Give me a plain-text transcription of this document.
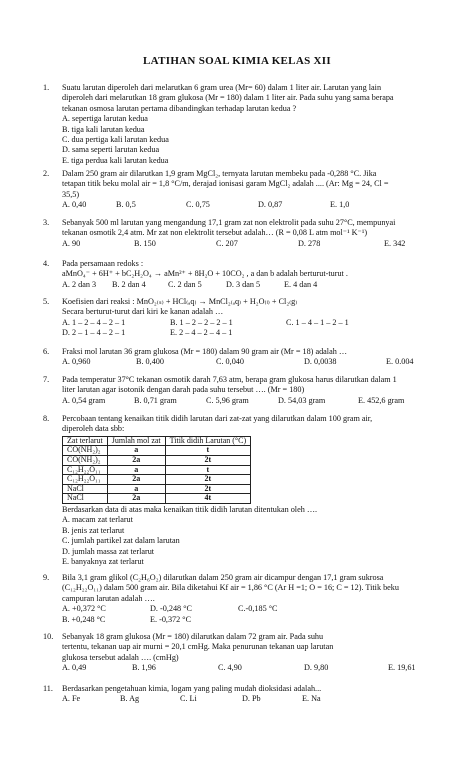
LATIHAN SOAL KIMIA KELAS XII
1. Suatu larutan diperoleh dari melarutkan 6 gram urea (Mr= 60) dalam 1 liter air. Larutan yang lain
diperoleh dari melarutkan 18 gram glukosa (Mr = 180) dalam 1 liter air. Pada suhu yang sama berapa
tekanan osmosa larutan pertama dibandingkan terhadap larutan kedua ?
A. sepertiga larutan kedua
B. tiga kali larutan kedua
C. dua pertiga kali larutan kedua
D. sama seperti larutan kedua
E. tiga perdua kali larutan kedua
2. Dalam 250 gram air dilarutkan 1,9 gram MgCl₂, ternyata larutan membeku pada -0,288 °C. Jika
tetapan titik beku molal air = 1,8 °C/m, derajad ionisasi garam MgCl₂ adalah .... (Ar: Mg = 24, Cl =
35,5)
A. 0,40	B. 0,5	C. 0,75	D. 0,87	E. 1,0
3. Sebanyak 500 ml larutan yang mengandung 17,1 gram zat non elektrolit pada suhu 27°C, mempunyai
tekanan osmotik 2,4 atm. Mr zat non elektrolit tersebut adalah… (R = 0,08 L atm mol⁻¹ K⁻¹)
A. 90	B. 150	C. 207	D. 278	E. 342
4. Pada persamaan redoks :
aMnO₄⁻ + 6H⁺ + bC₂H₂O₄ → aMn²⁺ + 8H₂O + 10CO₂ , a dan b adalah berturut-turut .
A. 2 dan 3	B. 2 dan 4	C. 2 dan 5	D. 3 dan 5	E. 4 dan 4
5. Koefisien dari reaksi : MnO₂₍ₛ₎ + HCl₍ₐq₎ → MnCl₂₍ₐq₎ + H₂O₍ₗ₎ + Cl₂₍g₎
Secara berturut-turut dari kiri ke kanan adalah …
A. 1 – 2 – 4 – 2 – 1	B. 1 – 2 – 2 – 2 – 1	C. 1 – 4 – 1 – 2 – 1
D. 2 – 1 – 4 – 2 – 1	E. 2 – 4 – 2 – 4 – 1
6. Fraksi mol larutan 36 gram glukosa (Mr = 180) dalam 90 gram air (Mr = 18) adalah …
A. 0,960	B. 0,400	C. 0,040	D. 0,0038	E. 0.004
7. Pada temperatur 37°C tekanan osmotik darah 7,63 atm, berapa gram glukosa harus dilarutkan dalam 1
liter larutan agar isotonik dengan darah pada suhu tersebut …. (Mr = 180)
A. 0,54 gram	B. 0,71 gram	C. 5,96 gram	D. 54,03 gram	E. 452,6 gram
8. Percobaan tentang kenaikan titik didih larutan dari zat-zat yang dilarutkan dalam 100 gram air,
diperoleh data sbb:
Zat terlarut	Jumlah mol zat	Titik didih Larutan (°C)
CO(NH₂)₂	a	t
CO(NH₂)₂	2a	2t
C₁₂H₂₂O₁₁	a	t
C₁₂H₂₂O₁₁	2a	2t
NaCl	a	2t
NaCl	2a	4t
Berdasarkan data di atas maka kenaikan titik didih larutan ditentukan oleh ….
A. macam zat terlarut
B. jenis zat terlarut
C. jumlah partikel zat dalam larutan
D. jumlah massa zat terlarut
E. banyaknya zat terlarut
9. Bila 3,1 gram glikol (C₂H₆O₂) dilarutkan dalam 250 gram air dicampur dengan 17,1 gram sukrosa
(C₁₂H₂₂O₁₁) dalam 500 gram air. Bila diketahui Kf air = 1,86 °C (Ar H =1; O = 16; C = 12). Titik beku
campuran larutan adalah ….
A. +0,372 °C	D. -0,248 °C	C.-0,185 °C
B. +0,248 °C	E. -0,372 °C
10. Sebanyak 18 gram glukosa (Mr = 180) dilarutkan dalam 72 gram air. Pada suhu
tertentu, tekanan uap air murni = 20,1 cmHg. Maka penurunan tekanan uap larutan
glukosa tersebut adalah …. (cmHg)
A. 0,49	B. 1,96	C. 4,90	D. 9,80	E. 19,61
11. Berdasarkan pengetahuan kimia, logam yang paling mudah dioksidasi adalah...
A. Fe	B. Ag	C. Li	D. Pb	E. Na
